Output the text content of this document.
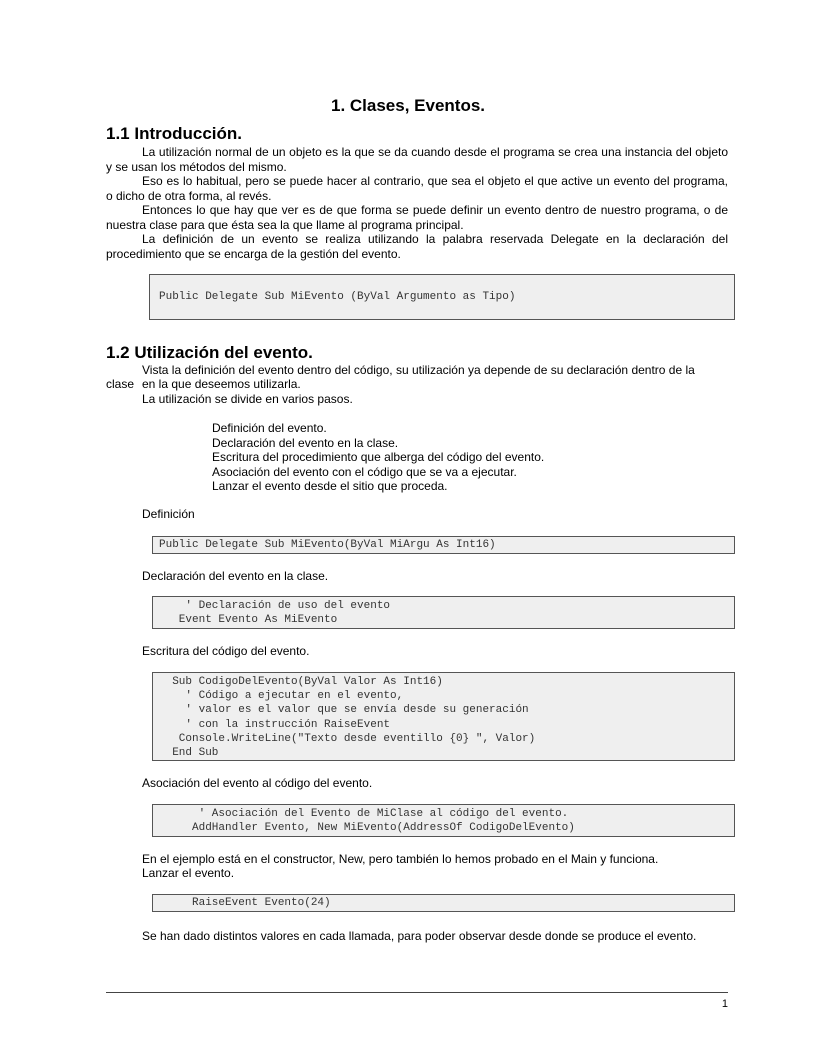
1. Clases, Eventos.
1.1 Introducción.
La utilización normal de un objeto es la que se da cuando desde el programa se crea una instancia del objeto y se usan los métodos del mismo.
Eso es lo habitual, pero se puede hacer al contrario, que sea el objeto el que active un evento del programa, o dicho de otra forma, al revés.
Entonces lo que hay que ver es de que forma se puede definir un evento dentro de nuestro programa, o de nuestra clase para que ésta sea la que llame al programa principal.
La definición de un evento se realiza utilizando la palabra reservada Delegate en la declaración del procedimiento que se encarga de la gestión del evento.
Public Delegate Sub MiEvento (ByVal Argumento as Tipo)
1.2 Utilización del evento.
Vista la definición del evento dentro del código, su utilización ya depende de su declaración dentro de la
clase en la que deseemos utilizarla.
La utilización se divide en varios pasos.
Definición del evento.
Declaración del evento en la clase.
Escritura del procedimiento que alberga del código del evento.
Asociación del evento con el código que se va a ejecutar.
Lanzar el evento desde el sitio que proceda.
Definición
Public Delegate Sub MiEvento(ByVal MiArgu As Int16)
Declaración del evento en la clase.
' Declaración de uso del evento
Event Evento As MiEvento
Escritura del código del evento.
Sub CodigoDelEvento(ByVal Valor As Int16)
' Código a ejecutar en el evento,
' valor es el valor que se envía desde su generación
' con la instrucción RaiseEvent
Console.WriteLine("Texto desde eventillo {0} ", Valor)
End Sub
Asociación del evento al código del evento.
' Asociación del Evento de MiClase al código del evento.
AddHandler Evento, New MiEvento(AddressOf CodigoDelEvento)
En el ejemplo está en el constructor, New, pero también lo hemos probado en el Main y funciona.
Lanzar el evento.
RaiseEvent Evento(24)
Se han dado distintos valores en cada llamada, para poder observar desde donde se produce el evento.
1
